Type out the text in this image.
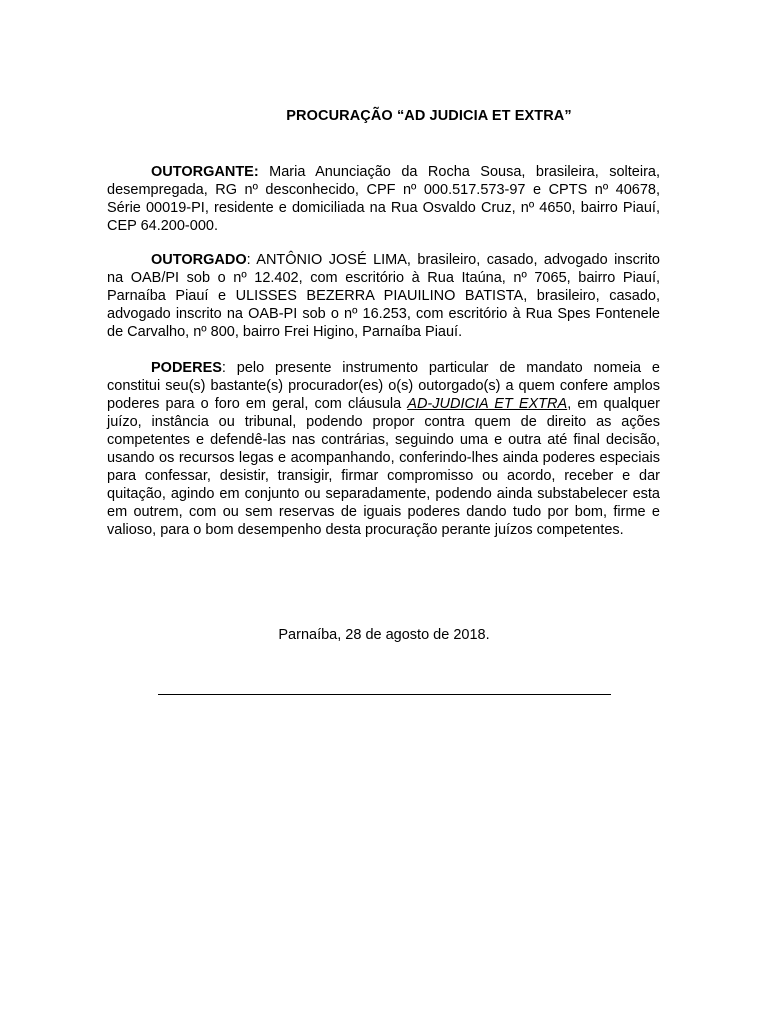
PROCURAÇÃO “AD JUDICIA ET EXTRA”

OUTORGANTE: Maria Anunciação da Rocha Sousa, brasileira, solteira, desempregada, RG nº desconhecido, CPF nº 000.517.573-97 e CPTS nº 40678, Série 00019-PI, residente e domiciliada na Rua Osvaldo Cruz, nº 4650, bairro Piauí, CEP 64.200-000.

OUTORGADO: ANTÔNIO JOSÉ LIMA, brasileiro, casado, advogado inscrito na OAB/PI sob o nº 12.402, com escritório à Rua Itaúna, nº 7065, bairro Piauí, Parnaíba Piauí e ULISSES BEZERRA PIAUILINO BATISTA, brasileiro, casado, advogado inscrito na OAB-PI sob o nº 16.253, com escritório à Rua Spes Fontenele de Carvalho, nº 800, bairro Frei Higino, Parnaíba Piauí.

PODERES: pelo presente instrumento particular de mandato nomeia e constitui seu(s) bastante(s) procurador(es) o(s) outorgado(s) a quem confere amplos poderes para o foro em geral, com cláusula AD-JUDICIA ET EXTRA, em qualquer juízo, instância ou tribunal, podendo propor contra quem de direito as ações competentes e defendê-las nas contrárias, seguindo uma e outra até final decisão, usando os recursos legas e acompanhando, conferindo-lhes ainda poderes especiais para confessar, desistir, transigir, firmar compromisso ou acordo, receber e dar quitação, agindo em conjunto ou separadamente, podendo ainda substabelecer esta em outrem, com ou sem reservas de iguais poderes dando tudo por bom, firme e valioso, para o bom desempenho desta procuração perante juízos competentes.

Parnaíba, 28 de agosto de 2018.
